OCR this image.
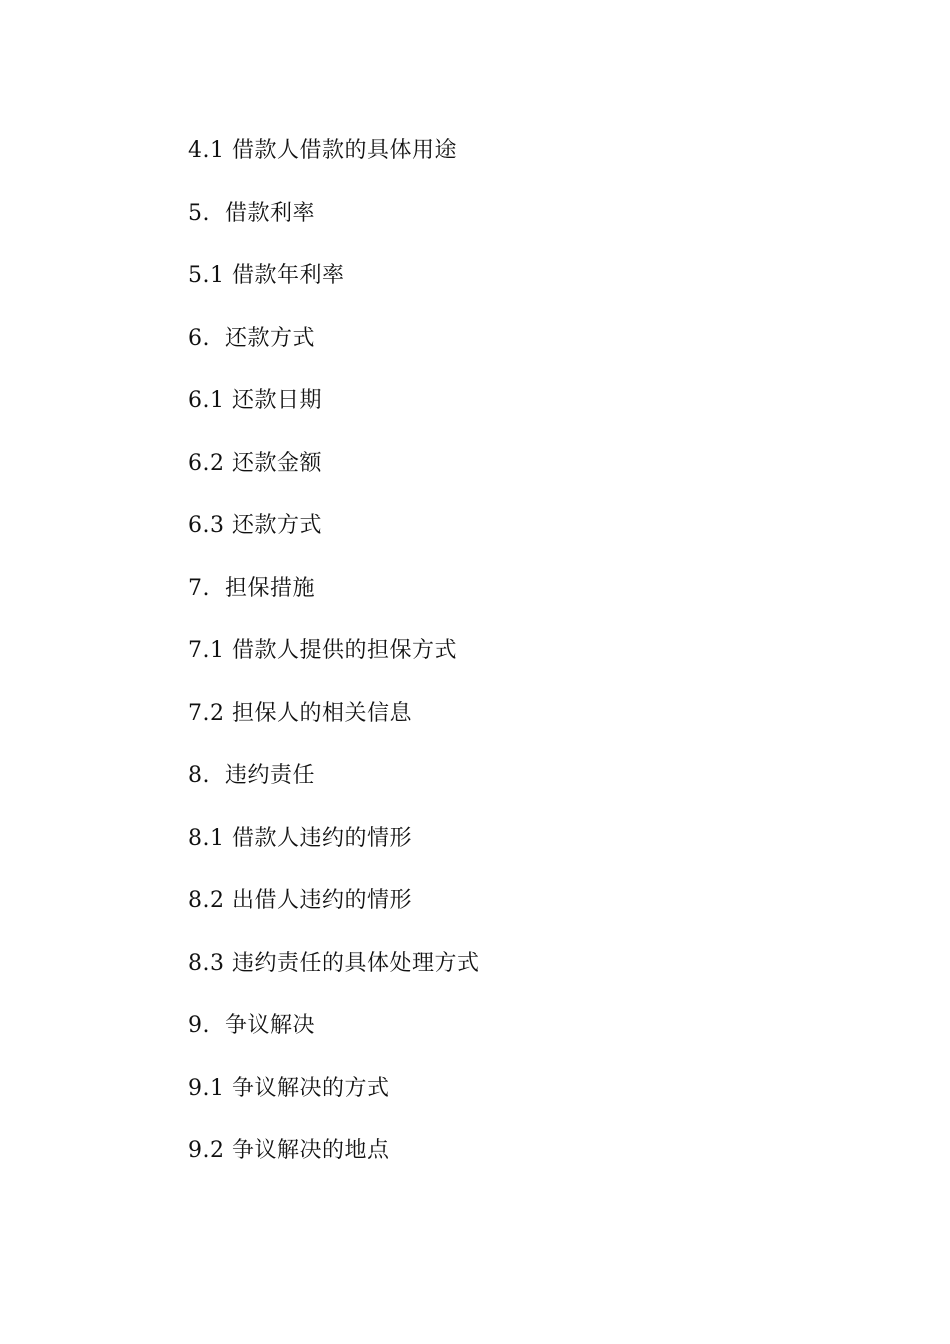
4.1 借款人借款的具体用途
5.  借款利率
5.1 借款年利率
6.  还款方式
6.1 还款日期
6.2 还款金额
6.3 还款方式
7.  担保措施
7.1 借款人提供的担保方式
7.2 担保人的相关信息
8.  违约责任
8.1 借款人违约的情形
8.2 出借人违约的情形
8.3 违约责任的具体处理方式
9.  争议解决
9.1 争议解决的方式
9.2 争议解决的地点
